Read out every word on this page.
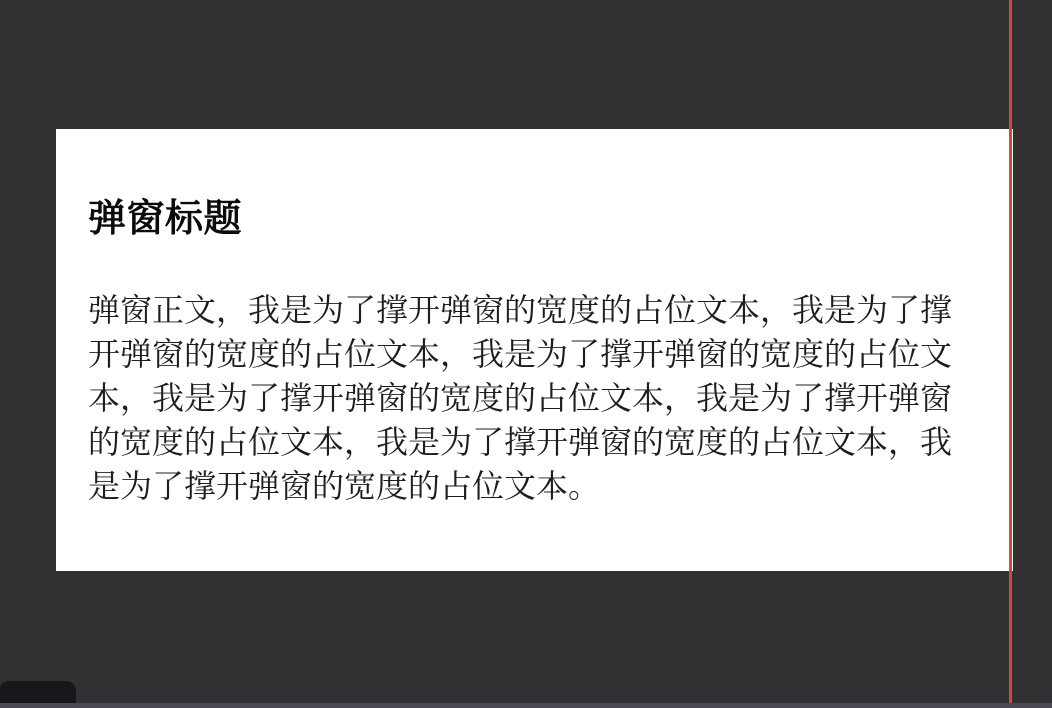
弹窗标题
弹窗正文，我是为了撑开弹窗的宽度的占位文本，我是为了撑开弹窗的宽度的占位文本，我是为了撑开弹窗的宽度的占位文本，我是为了撑开弹窗的宽度的占位文本，我是为了撑开弹窗的宽度的占位文本，我是为了撑开弹窗的宽度的占位文本，我是为了撑开弹窗的宽度的占位文本。
